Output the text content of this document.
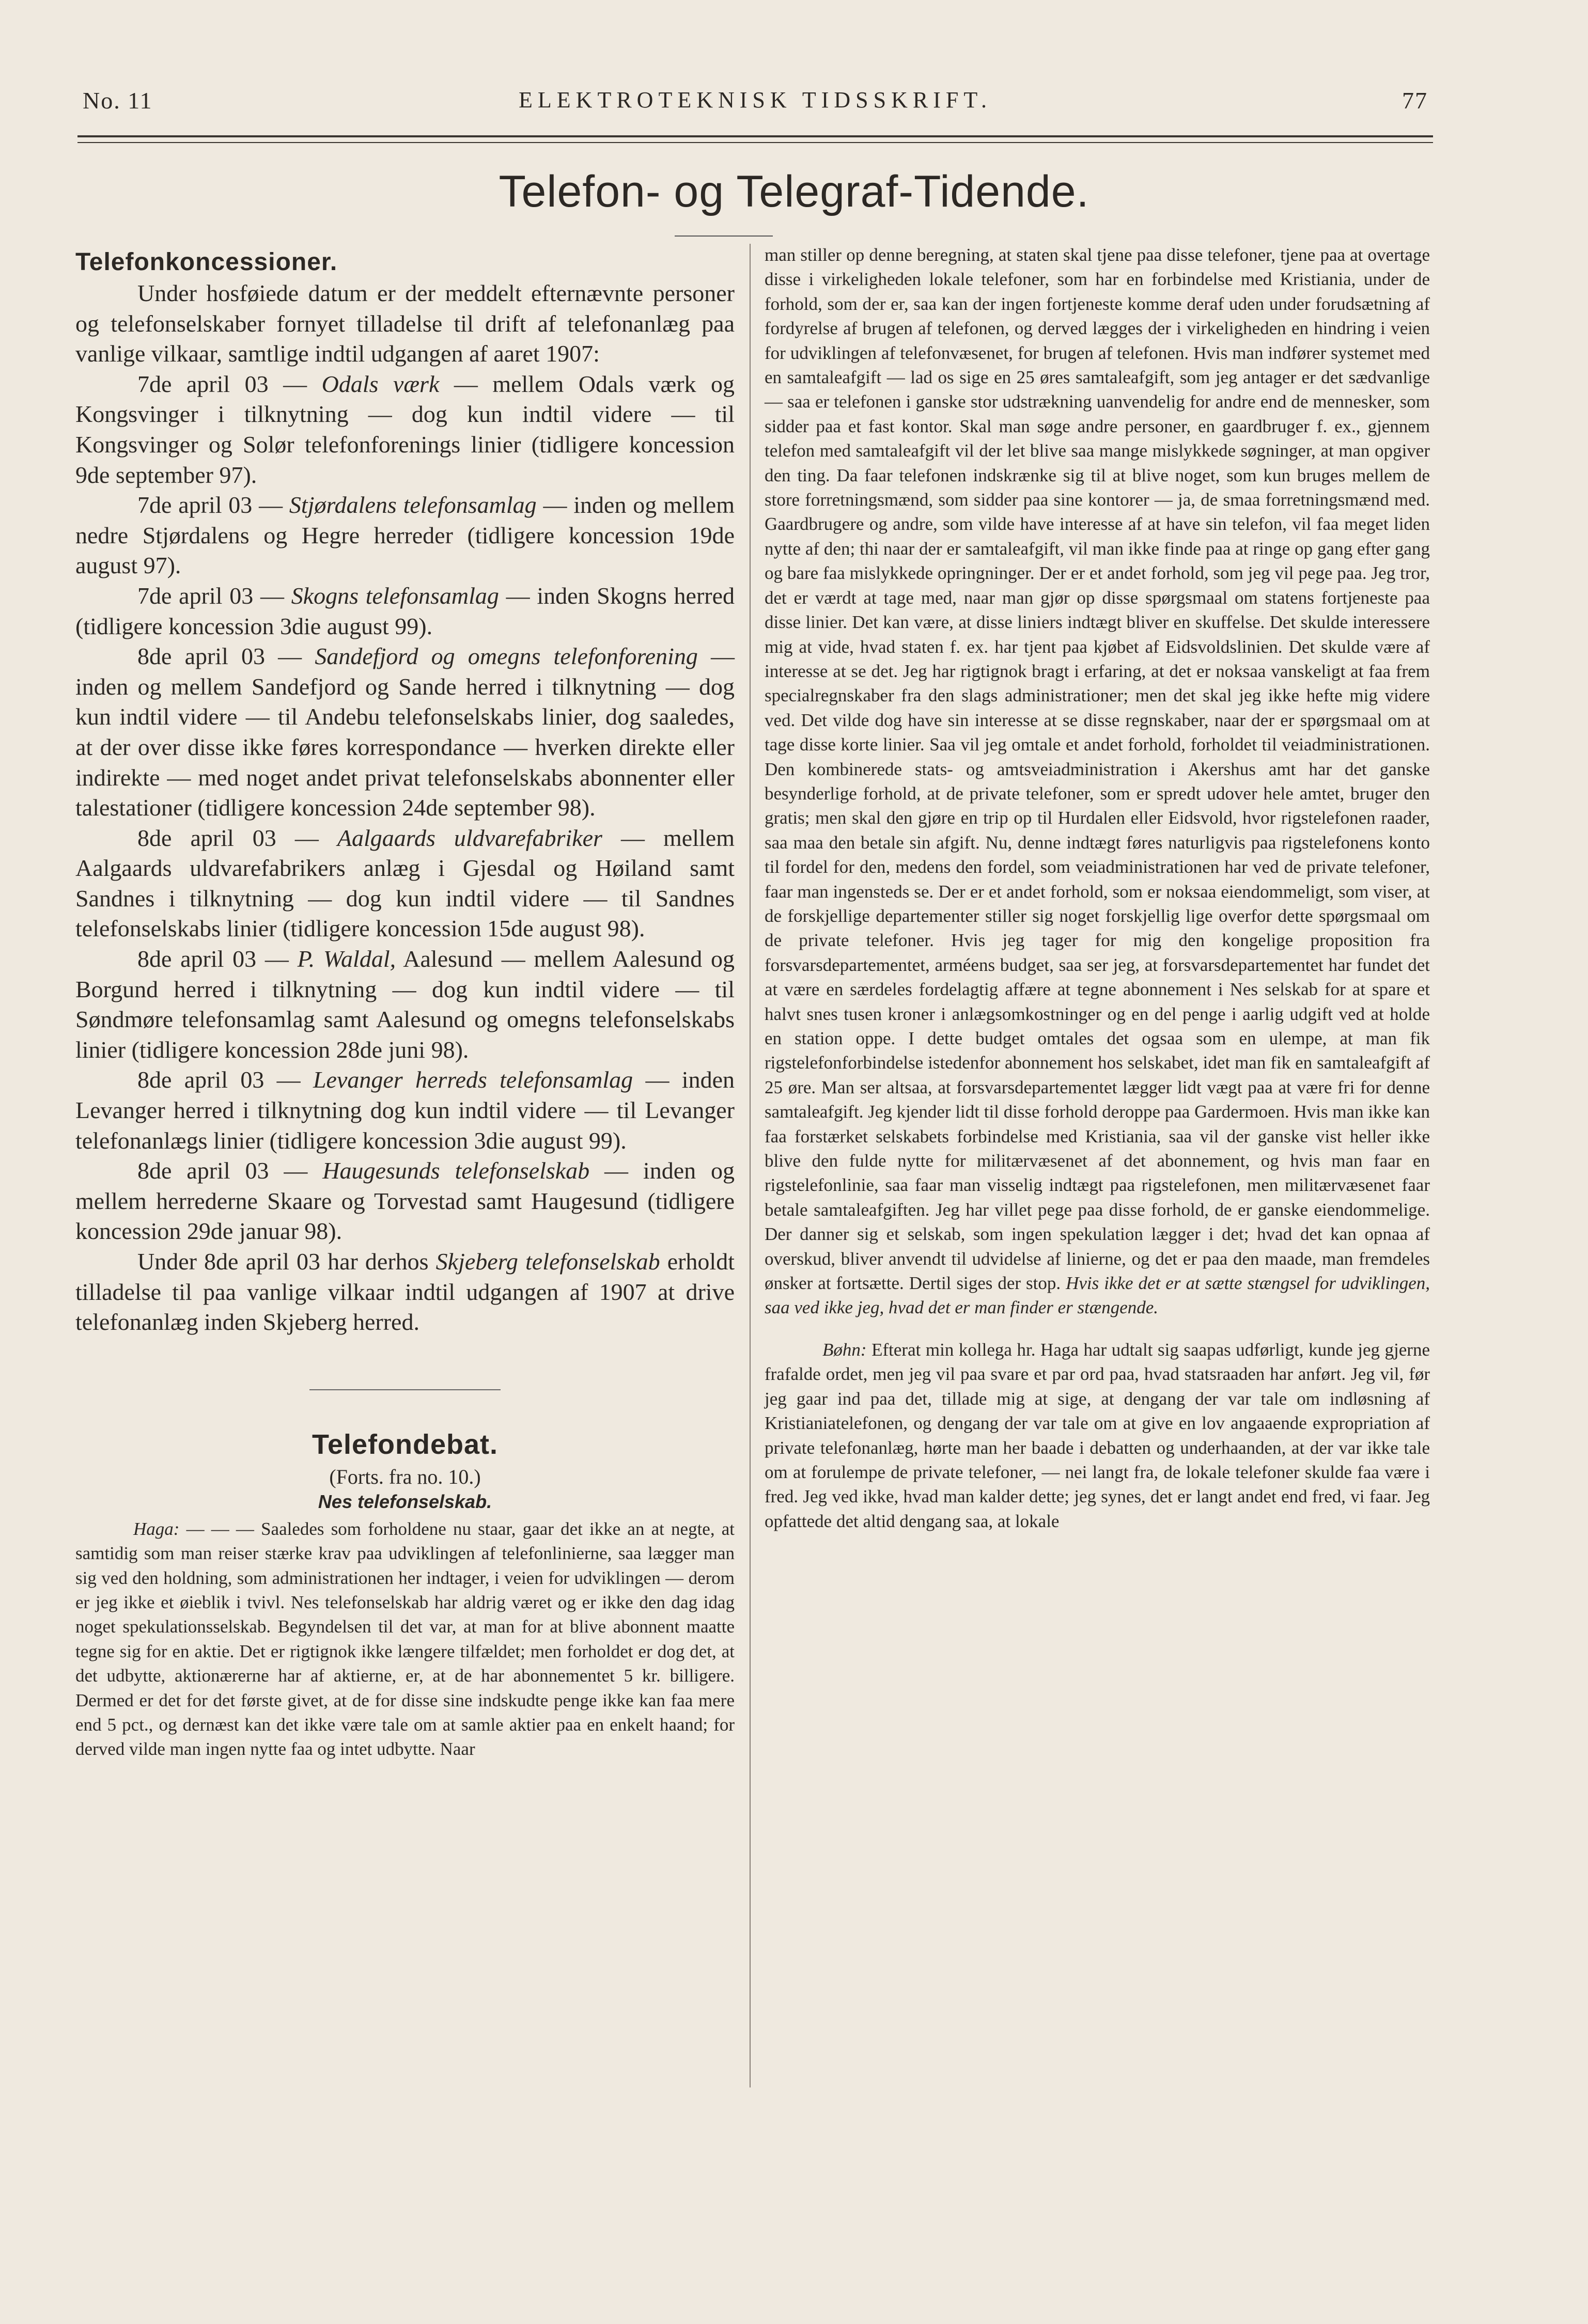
ELEKTROTEKNISK TIDSSKRIFT.
No. 11	77
Telefon- og Telegraf-Tidende.
Telefonkoncessioner.

Under hosføiede datum er der meddelt efternævnte personer og telefonselskaber fornyet tilladelse til drift af telefonanlæg paa vanlige vilkaar, samtlige indtil udgangen af aaret 1907:

7de april 03 — Odals værk — mellem Odals værk og Kongsvinger i tilknytning — dog kun indtil videre — til Kongsvinger og Solør telefonforenings linier (tidligere koncession 9de september 97).

7de april 03 — Stjørdalens telefonsamlag — inden og mellem nedre Stjørdalens og Hegre herreder (tidligere koncession 19de august 97).

7de april 03 — Skogns telefonsamlag — inden Skogns herred (tidligere koncession 3die august 99).

8de april 03 — Sandefjord og omegns telefonforening — inden og mellem Sandefjord og Sande herred i tilknytning — dog kun indtil videre — til Andebu telefonselskabs linier, dog saaledes, at der over disse ikke føres korrespondance — hverken direkte eller indirekte — med noget andet privat telefonselskabs abonnenter eller talestationer (tidligere koncession 24de september 98).

8de april 03 — Aalgaards uldvarefabriker — mellem Aalgaards uldvarefabrikers anlæg i Gjesdal og Høiland samt Sandnes i tilknytning — dog kun indtil videre — til Sandnes telefonselskabs linier (tidligere koncession 15de august 98).

8de april 03 — P. Waldal, Aalesund — mellem Aalesund og Borgund herred i tilknytning — dog kun indtil videre — til Søndmøre telefonsamlag samt Aalesund og omegns telefonselskabs linier (tidligere koncession 28de juni 98).

8de april 03 — Levanger herreds telefonsamlag — inden Levanger herred i tilknytning dog kun indtil videre — til Levanger telefonanlægs linier (tidligere koncession 3die august 99).

8de april 03 — Haugesunds telefonselskab — inden og mellem herrederne Skaare og Torvestad samt Haugesund (tidligere koncession 29de januar 98).

Under 8de april 03 har derhos Skjeberg telefonselskab erholdt tilladelse til paa vanlige vilkaar indtil udgangen af 1907 at drive telefonanlæg inden Skjeberg herred.

Telefondebat.
(Forts. fra no. 10.)
Nes telefonselskab.

Haga: — — — Saaledes som forholdene nu staar, gaar det ikke an at negte, at samtidig som man reiser stærke krav paa udviklingen af telefonlinierne, saa lægger man sig ved den holdning, som administrationen her indtager, i veien for udviklingen — derom er jeg ikke et øieblik i tvivl. Nes telefonselskab har aldrig været og er ikke den dag idag noget spekulationsselskab. Begyndelsen til det var, at man for at blive abonnent maatte tegne sig for en aktie. Det er rigtignok ikke længere tilfældet; men forholdet er dog det, at det udbytte, aktionærerne har af aktierne, er, at de har abonnementet 5 kr. billigere. Dermed er det for det første givet, at de for disse sine indskudte penge ikke kan faa mere end 5 pct., og dernæst kan det ikke være tale om at samle aktier paa en enkelt haand; for derved vilde man ingen nytte faa og intet udbytte. Naar

man stiller op denne beregning, at staten skal tjene paa disse telefoner, tjene paa at overtage disse i virkeligheden lokale telefoner, som har en forbindelse med Kristiania, under de forhold, som der er, saa kan der ingen fortjeneste komme deraf uden under forudsætning af fordyrelse af brugen af telefonen, og derved lægges der i virkeligheden en hindring i veien for udviklingen af telefonvæsenet, for brugen af telefonen. Hvis man indfører systemet med en samtaleafgift — lad os sige en 25 øres samtaleafgift, som jeg antager er det sædvanlige — saa er telefonen i ganske stor udstrækning uanvendelig for andre end de mennesker, som sidder paa et fast kontor. Skal man søge andre personer, en gaardbruger f. ex., gjennem telefon med samtaleafgift vil der let blive saa mange mislykkede søgninger, at man opgiver den ting. Da faar telefonen indskrænke sig til at blive noget, som kun bruges mellem de store forretningsmænd, som sidder paa sine kontorer — ja, de smaa forretningsmænd med. Gaardbrugere og andre, som vilde have interesse af at have sin telefon, vil faa meget liden nytte af den; thi naar der er samtaleafgift, vil man ikke finde paa at ringe op gang efter gang og bare faa mislykkede opringninger. Der er et andet forhold, som jeg vil pege paa. Jeg tror, det er værdt at tage med, naar man gjør op disse spørgsmaal om statens fortjeneste paa disse linier. Det kan være, at disse liniers indtægt bliver en skuffelse. Det skulde interessere mig at vide, hvad staten f. ex. har tjent paa kjøbet af Eidsvoldslinien. Det skulde være af interesse at se det. Jeg har rigtignok bragt i erfaring, at det er noksaa vanskeligt at faa frem specialregnskaber fra den slags administrationer; men det skal jeg ikke hefte mig videre ved. Det vilde dog have sin interesse at se disse regnskaber, naar der er spørgsmaal om at tage disse korte linier. Saa vil jeg omtale et andet forhold, forholdet til veiadministrationen. Den kombinerede stats- og amtsveiadministration i Akershus amt har det ganske besynderlige forhold, at de private telefoner, som er spredt udover hele amtet, bruger den gratis; men skal den gjøre en trip op til Hurdalen eller Eidsvold, hvor rigstelefonen raader, saa maa den betale sin afgift. Nu, denne indtægt føres naturligvis paa rigstelefonens konto til fordel for den, medens den fordel, som veiadministrationen har ved de private telefoner, faar man ingensteds se. Der er et andet forhold, som er noksaa eiendommeligt, som viser, at de forskjellige departementer stiller sig noget forskjellig lige overfor dette spørgsmaal om de private telefoner. Hvis jeg tager for mig den kongelige proposition fra forsvarsdepartementet, arméens budget, saa ser jeg, at forsvarsdepartementet har fundet det at være en særdeles fordelagtig affære at tegne abonnement i Nes selskab for at spare et halvt snes tusen kroner i anlægsomkostninger og en del penge i aarlig udgift ved at holde en station oppe. I dette budget omtales det ogsaa som en ulempe, at man fik rigstelefonforbindelse istedenfor abonnement hos selskabet, idet man fik en samtaleafgift af 25 øre. Man ser altsaa, at forsvarsdepartementet lægger lidt vægt paa at være fri for denne samtaleafgift. Jeg kjender lidt til disse forhold deroppe paa Gardermoen. Hvis man ikke kan faa forstærket selskabets forbindelse med Kristiania, saa vil der ganske vist heller ikke blive den fulde nytte for militærvæsenet af det abonnement, og hvis man faar en rigstelefonlinie, saa faar man visselig indtægt paa rigstelefonen, men militærvæsenet faar betale samtaleafgiften. Jeg har villet pege paa disse forhold, de er ganske eiendommelige. Der danner sig et selskab, som ingen spekulation lægger i det; hvad det kan opnaa af overskud, bliver anvendt til udvidelse af linierne, og det er paa den maade, man fremdeles ønsker at fortsætte. Dertil siges der stop. Hvis ikke det er at sætte stængsel for udviklingen, saa ved ikke jeg, hvad det er man finder er stængende.

Bøhn: Efterat min kollega hr. Haga har udtalt sig saapas udførligt, kunde jeg gjerne frafalde ordet, men jeg vil paa svare et par ord paa, hvad statsraaden har anført. Jeg vil, før jeg gaar ind paa det, tillade mig at sige, at dengang der var tale om indløsning af Kristianiatelefonen, og dengang der var tale om at give en lov angaaende expropriation af private telefonanlæg, hørte man her baade i debatten og underhaanden, at der var ikke tale om at forulempe de private telefoner, — nei langt fra, de lokale telefoner skulde faa være i fred. Jeg ved ikke, hvad man kalder dette; jeg synes, det er langt andet end fred, vi faar. Jeg opfattede det altid dengang saa, at lokale
